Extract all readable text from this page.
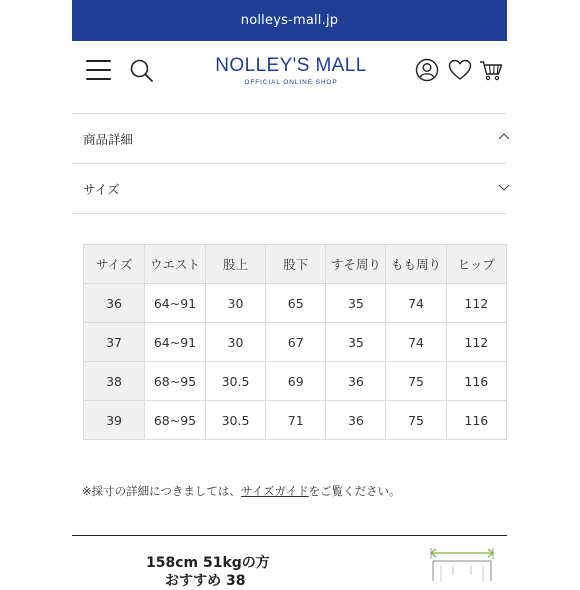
nolleys-mall.jp
NOLLEY'S MALL
OFFICIAL ONLINE SHOP
商品詳細
サイズ
サイズ	ウエスト	股上	股下	すそ周り	もも周り	ヒップ
36	64~91	30	65	35	74	112
37	64~91	30	67	35	74	112
38	68~95	30.5	69	36	75	116
39	68~95	30.5	71	36	75	116
※採寸の詳細につきましては、サイズガイドをご覧ください。
158cm 51kgの方
おすすめ 38
